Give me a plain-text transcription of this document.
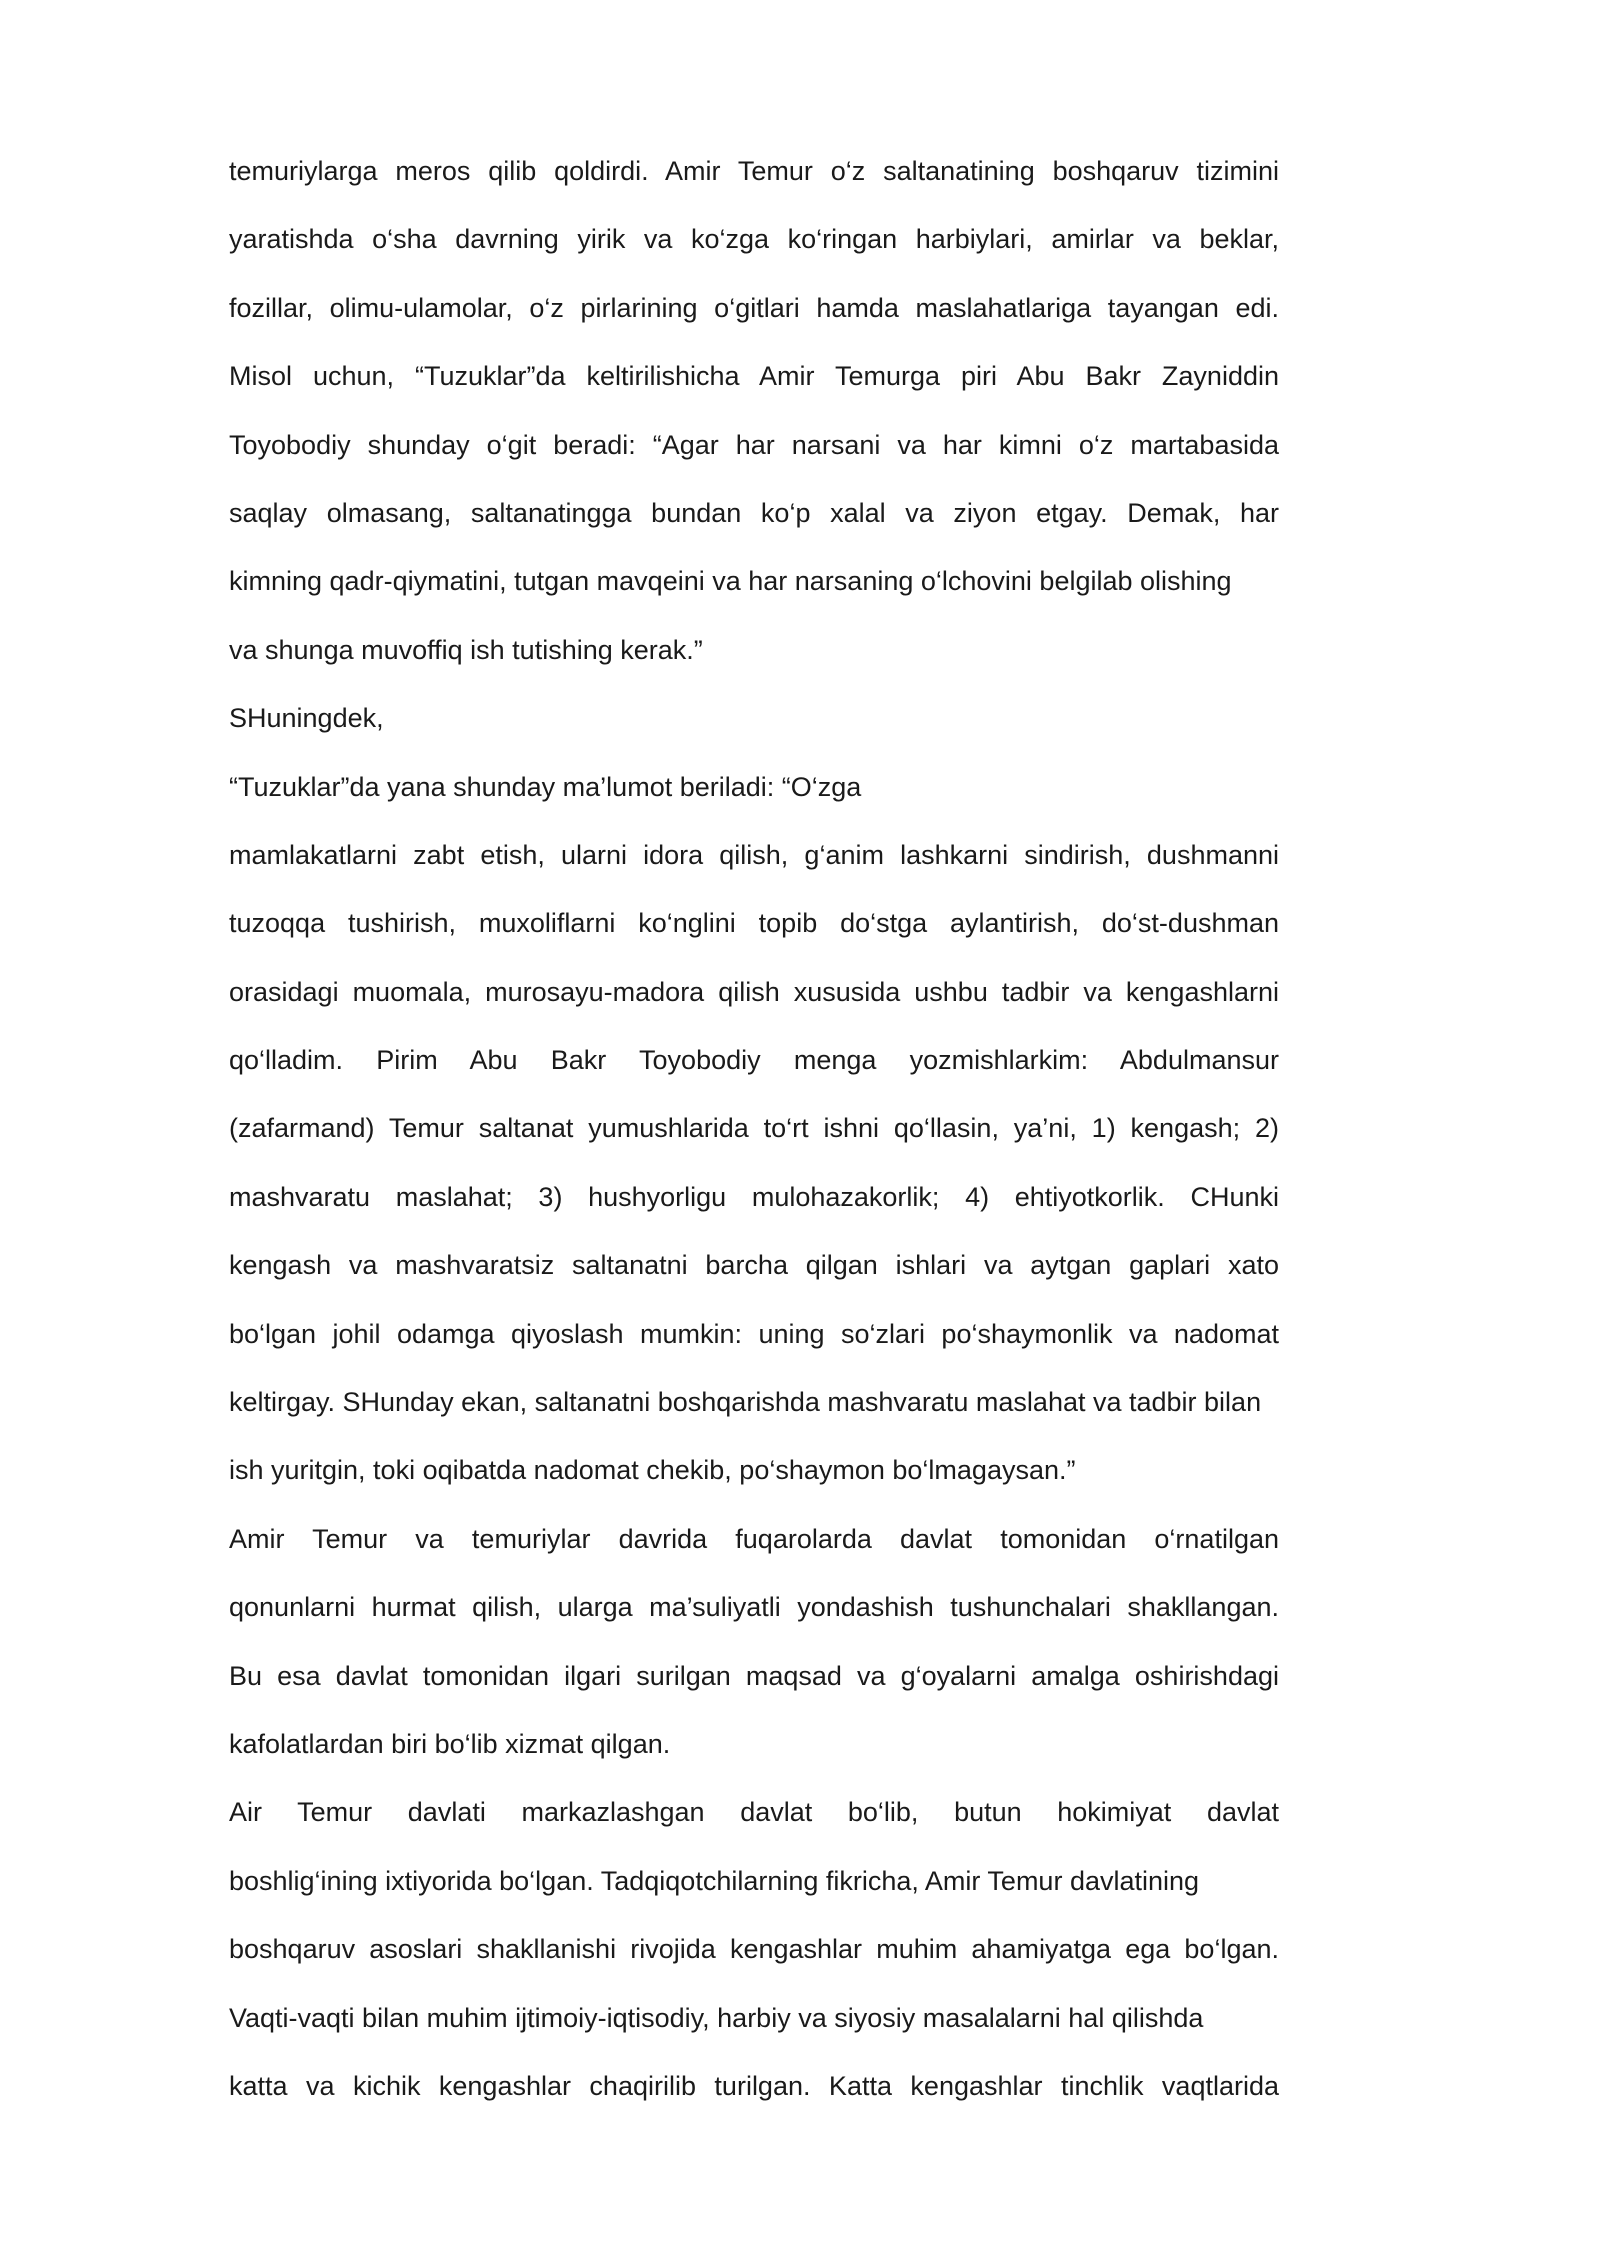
temuriylarga meros qilib qoldirdi. Amir Temur o‘z saltanatining boshqaruv tizimini
yaratishda o‘sha davrning yirik va ko‘zga ko‘ringan harbiylari, amirlar va beklar,
fozillar, olimu-ulamolar, o‘z pirlarining o‘gitlari hamda maslahatlariga tayangan edi.
Misol uchun, “Tuzuklar”da keltirilishicha Amir Temurga piri Abu Bakr Zayniddin
Toyobodiy shunday o‘git beradi: “Agar har narsani va har kimni o‘z martabasida
saqlay olmasang, saltanatingga bundan ko‘p xalal va ziyon etgay. Demak, har
kimning qadr-qiymatini, tutgan mavqeini va har narsaning o‘lchovini belgilab olishing
va shunga muvoffiq ish tutishing kerak.”
SHuningdek,
“Tuzuklar”da yana shunday ma’lumot beriladi: “O‘zga
mamlakatlarni zabt etish, ularni idora qilish, g‘anim lashkarni sindirish, dushmanni
tuzoqqa tushirish, muxoliflarni ko‘nglini topib do‘stga aylantirish, do‘st-dushman
orasidagi muomala, murosayu-madora qilish xususida ushbu tadbir va kengashlarni
qo‘lladim. Pirim Abu Bakr Toyobodiy menga yozmishlarkim: Abdulmansur
(zafarmand) Temur saltanat yumushlarida to‘rt ishni qo‘llasin, ya’ni, 1) kengash; 2)
mashvaratu maslahat; 3) hushyorligu mulohazakorlik; 4) ehtiyotkorlik. CHunki
kengash va mashvaratsiz saltanatni barcha qilgan ishlari va aytgan gaplari xato
bo‘lgan johil odamga qiyoslash mumkin: uning so‘zlari po‘shaymonlik va nadomat
keltirgay. SHunday ekan, saltanatni boshqarishda mashvaratu maslahat va tadbir bilan
ish yuritgin, toki oqibatda nadomat chekib, po‘shaymon bo‘lmagaysan.”
Amir Temur va temuriylar davrida fuqarolarda davlat tomonidan o‘rnatilgan
qonunlarni hurmat qilish, ularga ma’suliyatli yondashish tushunchalari shakllangan.
Bu esa davlat tomonidan ilgari surilgan maqsad va g‘oyalarni amalga oshirishdagi
kafolatlardan biri bo‘lib xizmat qilgan.
Air Temur davlati markazlashgan davlat bo‘lib, butun hokimiyat davlat
boshlig‘ining ixtiyorida bo‘lgan. Tadqiqotchilarning fikricha, Amir Temur davlatining
boshqaruv asoslari shakllanishi rivojida kengashlar muhim ahamiyatga ega bo‘lgan.
Vaqti-vaqti bilan muhim ijtimoiy-iqtisodiy, harbiy va siyosiy masalalarni hal qilishda
katta va kichik kengashlar chaqirilib turilgan. Katta kengashlar tinchlik vaqtlarida
